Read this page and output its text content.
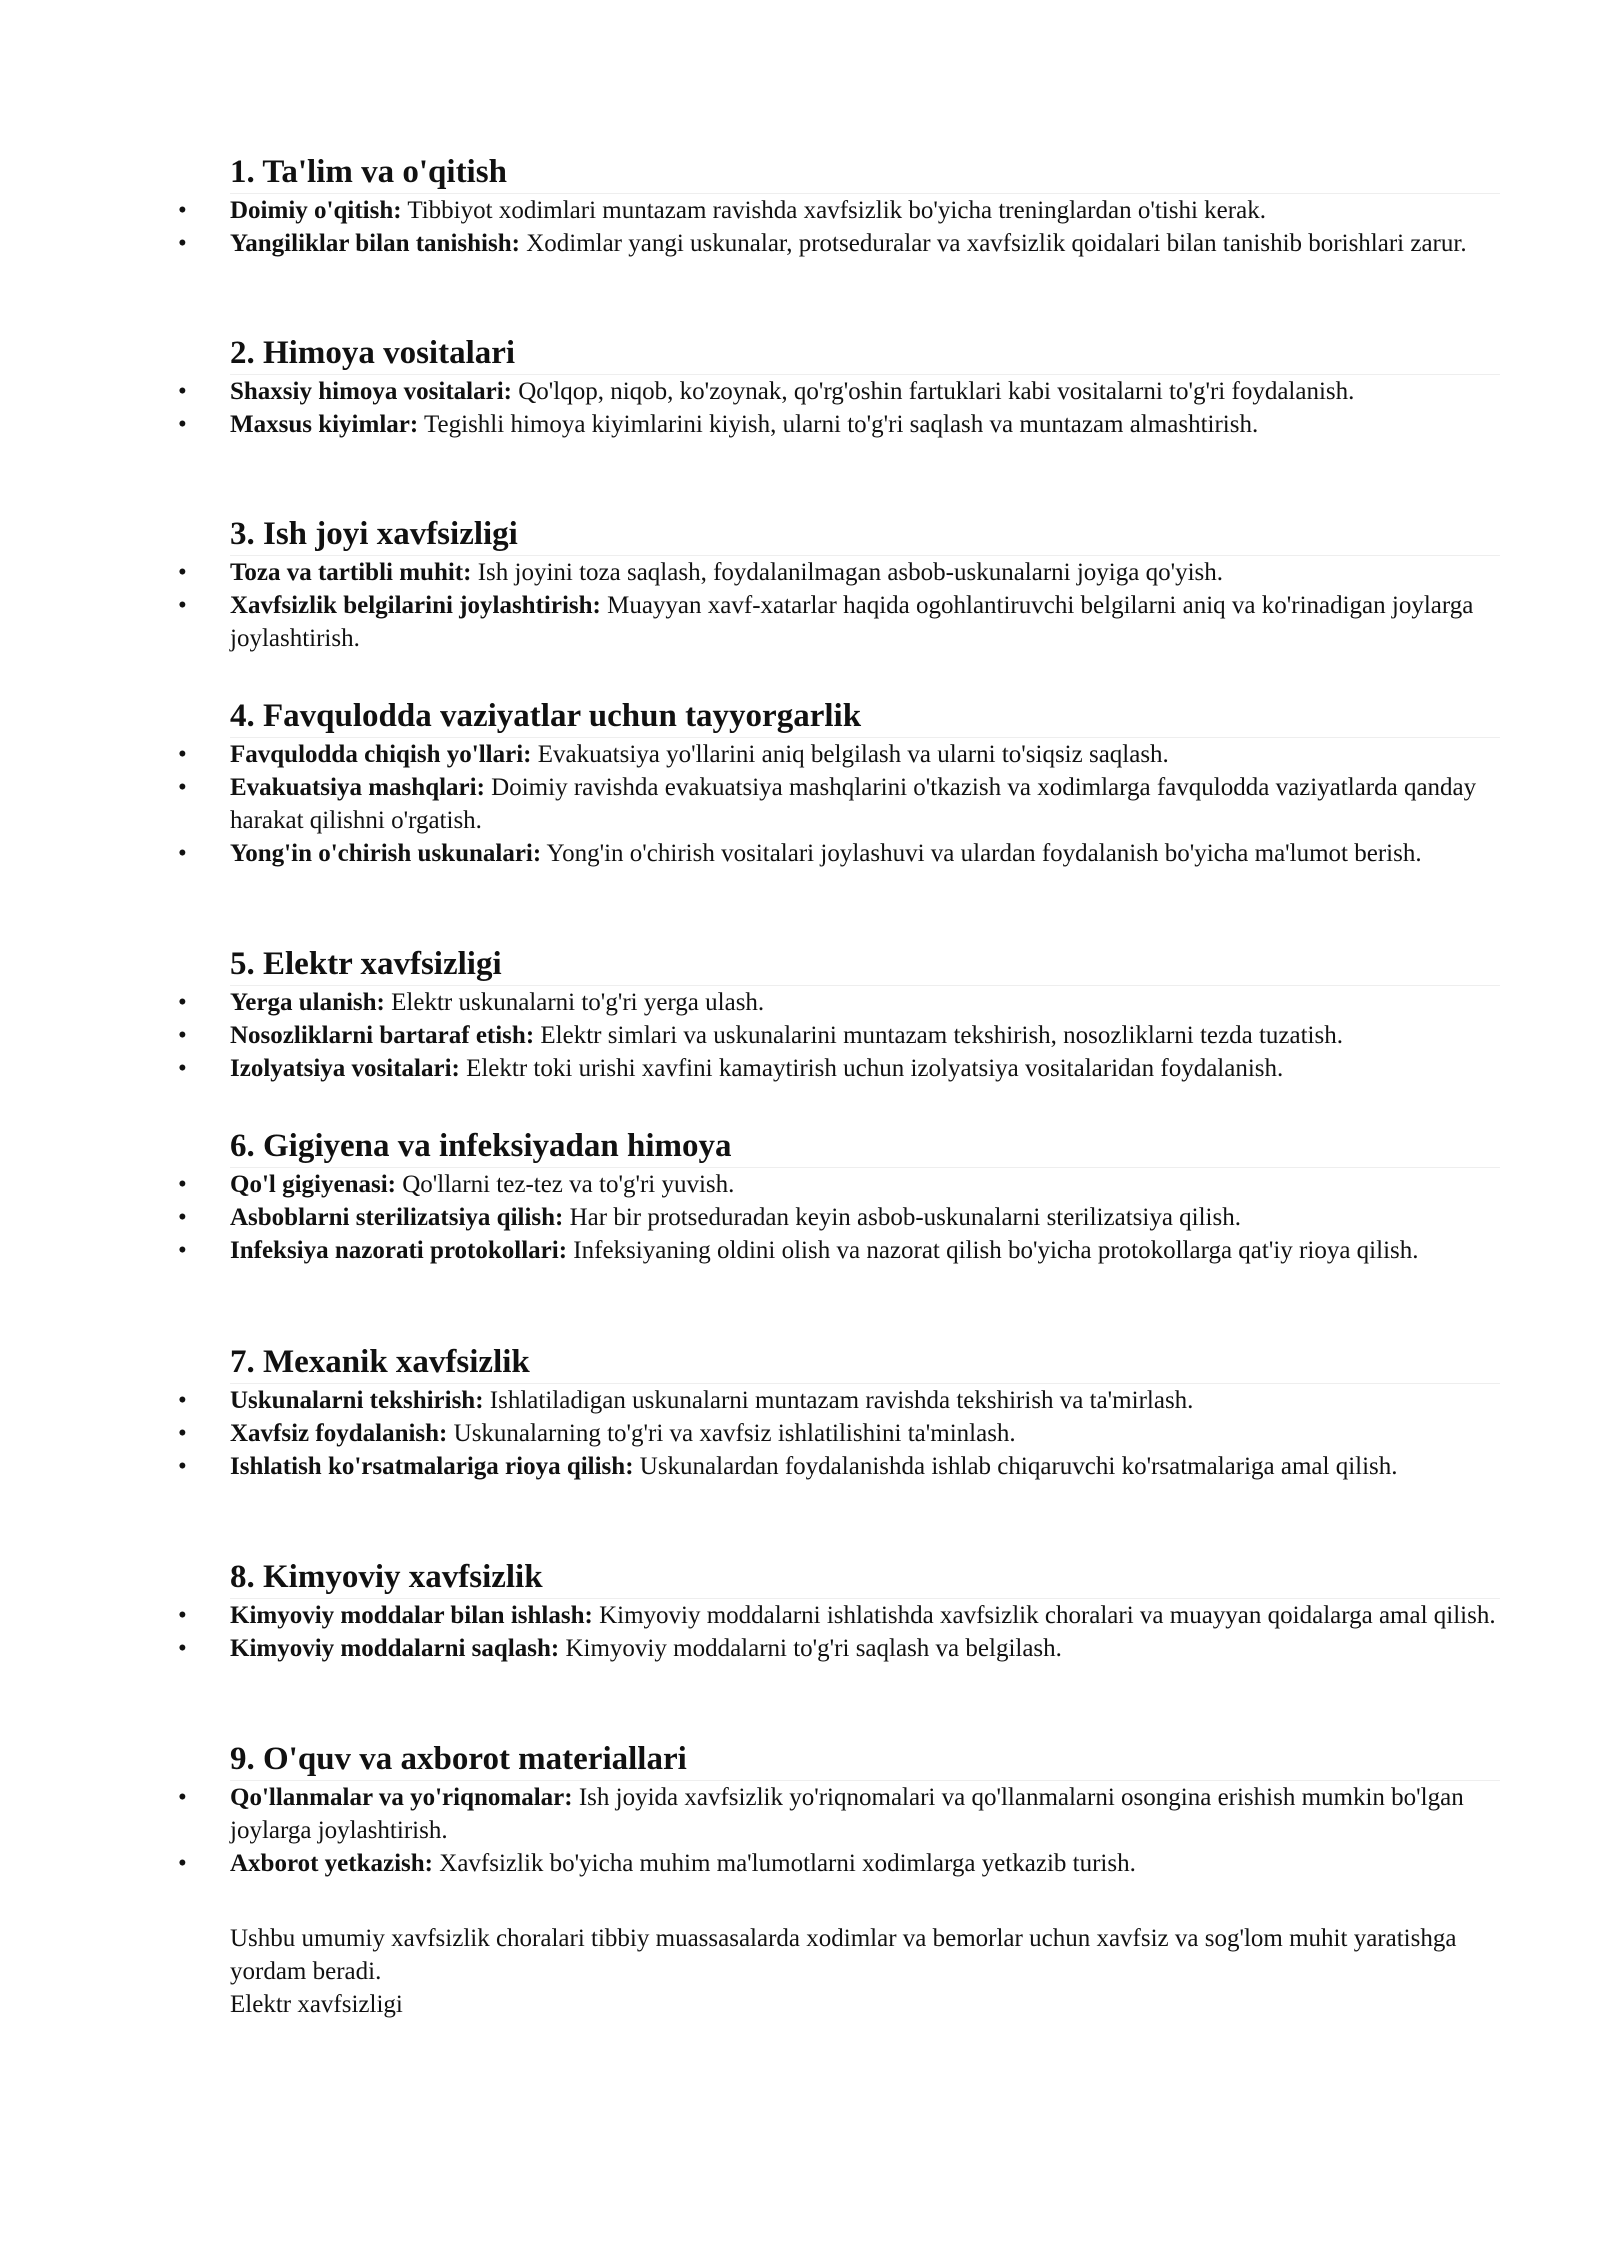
1. Ta'lim va o'qitish
• Doimiy o'qitish: Tibbiyot xodimlari muntazam ravishda xavfsizlik bo'yicha treninglardan o'tishi kerak.
• Yangiliklar bilan tanishish: Xodimlar yangi uskunalar, protseduralar va xavfsizlik qoidalari bilan tanishib borishlari zarur.
2. Himoya vositalari
• Shaxsiy himoya vositalari: Qo'lqop, niqob, ko'zoynak, qo'rg'oshin fartuklari kabi vositalarni to'g'ri foydalanish.
• Maxsus kiyimlar: Tegishli himoya kiyimlarini kiyish, ularni to'g'ri saqlash va muntazam almashtirish.
3. Ish joyi xavfsizligi
• Toza va tartibli muhit: Ish joyini toza saqlash, foydalanilmagan asbob-uskunalarni joyiga qo'yish.
• Xavfsizlik belgilarini joylashtirish: Muayyan xavf-xatarlar haqida ogohlantiruvchi belgilarni aniq va ko'rinadigan joylarga joylashtirish.
4. Favqulodda vaziyatlar uchun tayyorgarlik
• Favqulodda chiqish yo'llari: Evakuatsiya yo'llarini aniq belgilash va ularni to'siqsiz saqlash.
• Evakuatsiya mashqlari: Doimiy ravishda evakuatsiya mashqlarini o'tkazish va xodimlarga favqulodda vaziyatlarda qanday harakat qilishni o'rgatish.
• Yong'in o'chirish uskunalari: Yong'in o'chirish vositalari joylashuvi va ulardan foydalanish bo'yicha ma'lumot berish.
5. Elektr xavfsizligi
• Yerga ulanish: Elektr uskunalarni to'g'ri yerga ulash.
• Nosozliklarni bartaraf etish: Elektr simlari va uskunalarini muntazam tekshirish, nosozliklarni tezda tuzatish.
• Izolyatsiya vositalari: Elektr toki urishi xavfini kamaytirish uchun izolyatsiya vositalaridan foydalanish.
6. Gigiyena va infeksiyadan himoya
• Qo'l gigiyenasi: Qo'llarni tez-tez va to'g'ri yuvish.
• Asboblarni sterilizatsiya qilish: Har bir protseduradan keyin asbob-uskunalarni sterilizatsiya qilish.
• Infeksiya nazorati protokollari: Infeksiyaning oldini olish va nazorat qilish bo'yicha protokollarga qat'iy rioya qilish.
7. Mexanik xavfsizlik
• Uskunalarni tekshirish: Ishlatiladigan uskunalarni muntazam ravishda tekshirish va ta'mirlash.
• Xavfsiz foydalanish: Uskunalarning to'g'ri va xavfsiz ishlatilishini ta'minlash.
• Ishlatish ko'rsatmalariga rioya qilish: Uskunalardan foydalanishda ishlab chiqaruvchi ko'rsatmalariga amal qilish.
8. Kimyoviy xavfsizlik
• Kimyoviy moddalar bilan ishlash: Kimyoviy moddalarni ishlatishda xavfsizlik choralari va muayyan qoidalarga amal qilish.
• Kimyoviy moddalarni saqlash: Kimyoviy moddalarni to'g'ri saqlash va belgilash.
9. O'quv va axborot materiallari
• Qo'llanmalar va yo'riqnomalar: Ish joyida xavfsizlik yo'riqnomalari va qo'llanmalarni osongina erishish mumkin bo'lgan joylarga joylashtirish.
• Axborot yetkazish: Xavfsizlik bo'yicha muhim ma'lumotlarni xodimlarga yetkazib turish.

Ushbu umumiy xavfsizlik choralari tibbiy muassasalarda xodimlar va bemorlar uchun xavfsiz va sog'lom muhit yaratishga yordam beradi.

Elektr xavfsizligi
